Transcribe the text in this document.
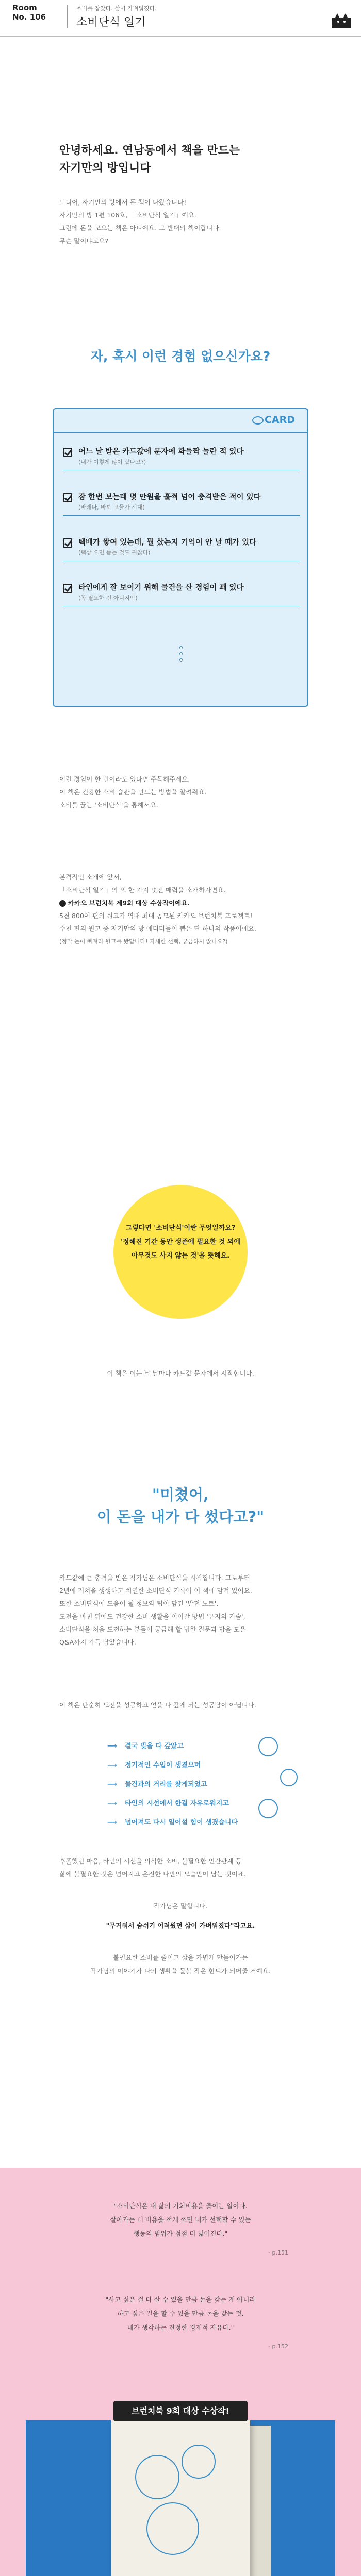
Room
No. 106
소비를 잡았다. 삶이 가벼워졌다.
소비단식 일기
안녕하세요. 연남동에서 책을 만드는
자기만의 방입니다
드디어, 자기만의 방에서 돈 책이 나왔습니다!
자기만의 방 1편 106호, 「소비단식 일기」예요.
그런데 돈을 모으는 책은 아니에요. 그 반대의 책이랍니다.
무슨 말이냐고요?
자, 혹시 이런 경험 없으신가요?
CARD
어느 날 받은 카드값에 문자에 화들짝 놀란 적 있다
(내가 이렇게 많이 샀다고?)
잠 한번 보는데 몇 만원을 훌쩍 넘어 충격받은 적이 있다
(바레다, 바보 고물가 시대)
택배가 쌓여 있는데, 뭘 샀는지 기억이 안 날 때가 있다
(택상 오면 뜯는 것도 귀찮다)
타인에게 잘 보이기 위해 물건을 산 경험이 꽤 있다
(꼭 필요한 건 아니지만)
이런 경험이 한 번이라도 있다면 주목해주세요.
이 책은 건강한 소비 습관을 만드는 방법을 알려줘요.
소비를 끊는 '소비단식'을 통해서요.
본격적인 소개에 앞서,
「소비단식 일기」의 또 한 가지 멋진 매력을 소개하자면요.
카카오 브런치북 제9회 대상 수상작이에요.
5천 800여 편의 원고가 역대 최대 공모된 카카오 브런치북 프로젝트!
수천 편의 원고 중 자기만의 방 에디터들이 뽑은 단 하나의 작품이에요.
(정말 눈이 빠져라 원고를 봤답니다! 자세한 선택, 궁금하시 않나요?)
그렇다면 '소비단식'이란 무엇일까요?
'정해진 기간 동안 생존에 필요한 것 외에
아무것도 사지 않는 것'을 뜻해요.
이 책은 이는 날 날마다 카드값 문자에서 시작합니다.
"미쳤어,
이 돈을 내가 다 썼다고?"
카드값에 큰 충격을 받은 작가님은 소비단식을 시작합니다. 그로부터
2년에 거쳐올 생생하고 치열한 소비단식 기록이 이 책에 담겨 있어요.
또한 소비단식에 도움이 될 정보와 팁이 담긴 '발전 노트',
도전을 마친 뒤에도 건강한 소비 생활을 이어갈 방법 '유지의 기술',
소비단식을 처음 도전하는 분들이 궁금해 할 법한 질문과 답을 모은
Q&A까지 가득 담았습니다.
이 책은 단순히 도전을 성공하고 얻을 다 갚게 되는 성공담이 아닙니다.
⟶ 결국 빚을 다 갚았고
⟶ 정기적인 수입이 생겼으며
⟶ 물건과의 거리를 찾게되었고
⟶ 타인의 시선에서 한결 자유로워지고
⟶ 넘어져도 다시 일어설 힘이 생겼습니다
후훌했던 마음, 타인의 시선을 의식한 소비, 불필요한 인간관계 등
삶에 불필요한 것은 넘어지고 온전한 나만의 모습만이 남는 것이죠.
작가님은 말합니다.
"무거워서 숨쉬기 어려웠던 삶이 가벼워졌다"라고요.
불필요한 소비를 줄이고 삶을 가볍게 만들어가는
작가님의 이야기가 나의 생활을 돌볼 작은 힌트가 되어줄 거예요.
"소비단식은 내 삶의 기회비용을 줄이는 일이다.
살아가는 데 비용을 적게 쓰면 내가 선택할 수 있는
행동의 범위가 점점 더 넓어진다."
- p.151
"사고 싶은 걸 다 살 수 있을 만큼 돈을 갖는 게 아니라
하고 싶은 일을 할 수 있을 만큼 돈을 갖는 것.
내가 생각하는 진정한 경제적 자유다."
- p.152
브런치북 9회 대상 수상작!
